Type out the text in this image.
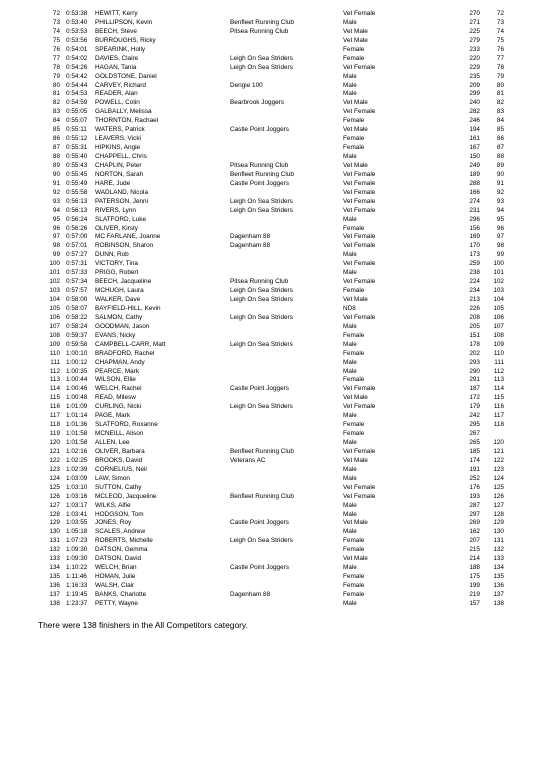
72 0:53:38 HEWITT, Kerry	Vet Female	270	72
73 0:53:40 PHILLIPSON, Kevin	Benfleet Running Club	Male	271	73
74 0:53:53 BEECH, Steve	Pitsea Running Club	Vet Male	225	74
75 0:53:56 BURROUGHS, Ricky	Vet Male	279	75
76 0:54:01 SPEARINK, Holly	Female	233	76
77 0:54:02 DAVIES, Claire	Leigh On Sea Striders	Female	220	77
78 0:54:26 HAGAN, Tania	Leigh On Sea Striders	Vet Female	229	78
79 0:54:42 GOLDSTONE, Daniel	Male	235	79
80 0:54:44 CARVEY, Richard	Dengie 100	Male	209	80
81 0:54:53 READER, Alan	Male	299	81
82 0:54:59 POWELL, Colin	Bearbrook Joggers	Vet Male	240	82
83 0:55:05 GALBALLY, Melissa	Vet Female	282	83
84 0:55:07 THORNTON, Rachael	Female	246	84
85 0:55:11 WATERS, Patrick	Castle Point Joggers	Vet Male	194	85
86 0:55:12 LEAVERS, Vicki	Female	161	86
87 0:55:31 HIPKINS, Angie	Female	167	87
88 0:55:40 CHAPPELL, Chris	Male	150	88
89 0:55:43 CHAPLIN, Peter	Pitsea Running Club	Vet Male	249	89
90 0:55:45 NORTON, Sarah	Benfleet Running Club	Vet Female	189	90
91 0:55:49 HARE, Jude	Castle Point Joggers	Vet Female	288	91
92 0:55:58 WADLAND, Nicola	Vet Female	166	92
93 0:56:13 PATERSON, Jenni	Leigh On Sea Striders	Vet Female	274	93
94 0:56:13 RIVERS, Lynn	Leigh On Sea Striders	Vet Female	231	94
95 0:56:24 SLATFORD, Luke	Male	296	95
96 0:56:26 OLIVER, Kirsty	Female	156	96
97 0:57:00 MC FARLANE, Joanne	Dagenham 88	Vet Female	169	97
98 0:57:01 ROBINSON, Sharon	Dagenham 88	Vet Female	170	98
99 0:57:27 DUNN, Rob	Male	173	99
100 0:57:31 VICTORY, Tina	Vet Female	259	100
101 0:57:33 PRIGG, Robert	Male	238	101
102 0:57:34 BEECH, Jacqueline	Pitsea Running Club	Vet Female	224	102
103 0:57:57 MCHUGH, Laura	Leigh On Sea Striders	Female	234	103
104 0:58:00 WALKER, Dave	Leigh On Sea Striders	Vet Male	213	104
105 0:58:07 BAYFIELD-HILL, Kevin	ND8	226	105
106 0:58:22 SALMON, Cathy	Leigh On Sea Striders	Vet Female	208	106
107 0:58:24 GOODMAN, Jason	Male	205	107
108 0:59:37 EVANS, Nicky	Female	151	108
109 0:59:58 CAMPBELL-CARR, Matt	Leigh On Sea Striders	Male	178	109
110 1:00:10 BRADFORD, Rachel	Female	202	110
111 1:00:12 CHAPMAN, Andy	Male	293	111
112 1:00:35 PEARCE, Mark	Male	290	112
113 1:00:44 WILSON, Ellie	Female	291	113
114 1:00:46 WELCH, Rachel	Castle Point Joggers	Vet Female	187	114
115 1:00:48 READ, Milesw	Vet Male	172	115
116 1:01:09 CURLING, Nicki	Leigh On Sea Striders	Vet Female	179	116
117 1:01:14 PAGE, Mark	Male	242	117
118 1:01:36 SLATFORD, Roxanne	Female	295	118
119 1:01:58 MCNEILL, Alison	Female	267
120 1:01:58 ALLEN, Lee	Male	265	120
121 1:02:16 OLIVER, Barbara	Benfleet Running Club	Vet Female	185	121
122 1:02:25 BROOKS, David	Veterans AC	Vet Male	174	122
123 1:02:39 CORNELIUS, Neil	Male	191	123
124 1:03:09 LAW, Simon	Male	252	124
125 1:03:10 SUTTON, Cathy	Vet Female	176	125
126 1:03:16 MCLEOD, Jacqueline	Benfleet Running Club	Vet Female	193	126
127 1:03:17 WILKS, Alfie	Male	287	127
128 1:03:41 HODGSON, Tom	Male	297	128
129 1:03:55 JONES, Roy	Castle Point Joggers	Vet Male	269	129
130 1:05:18 SCALES, Andrew	Male	162	130
131 1:07:23 ROBERTS, Michelle	Leigh On Sea Striders	Female	207	131
132 1:09:30 DATSON, Gemma	Female	215	132
133 1:09:30 DATSON, David	Vet Male	214	133
134 1:10:22 WELCH, Brian	Castle Point Joggers	Male	188	134
135 1:11:46 HOMAN, Julie	Female	175	135
136 1:16:33 WALSH, Clair	Female	199	136
137 1:19:45 BANKS, Charlotte	Dagenham 88	Female	219	137
138 1:23:37 PETTY, Wayne	Male	157	138
There were 138 finishers in the All Competitors category.
